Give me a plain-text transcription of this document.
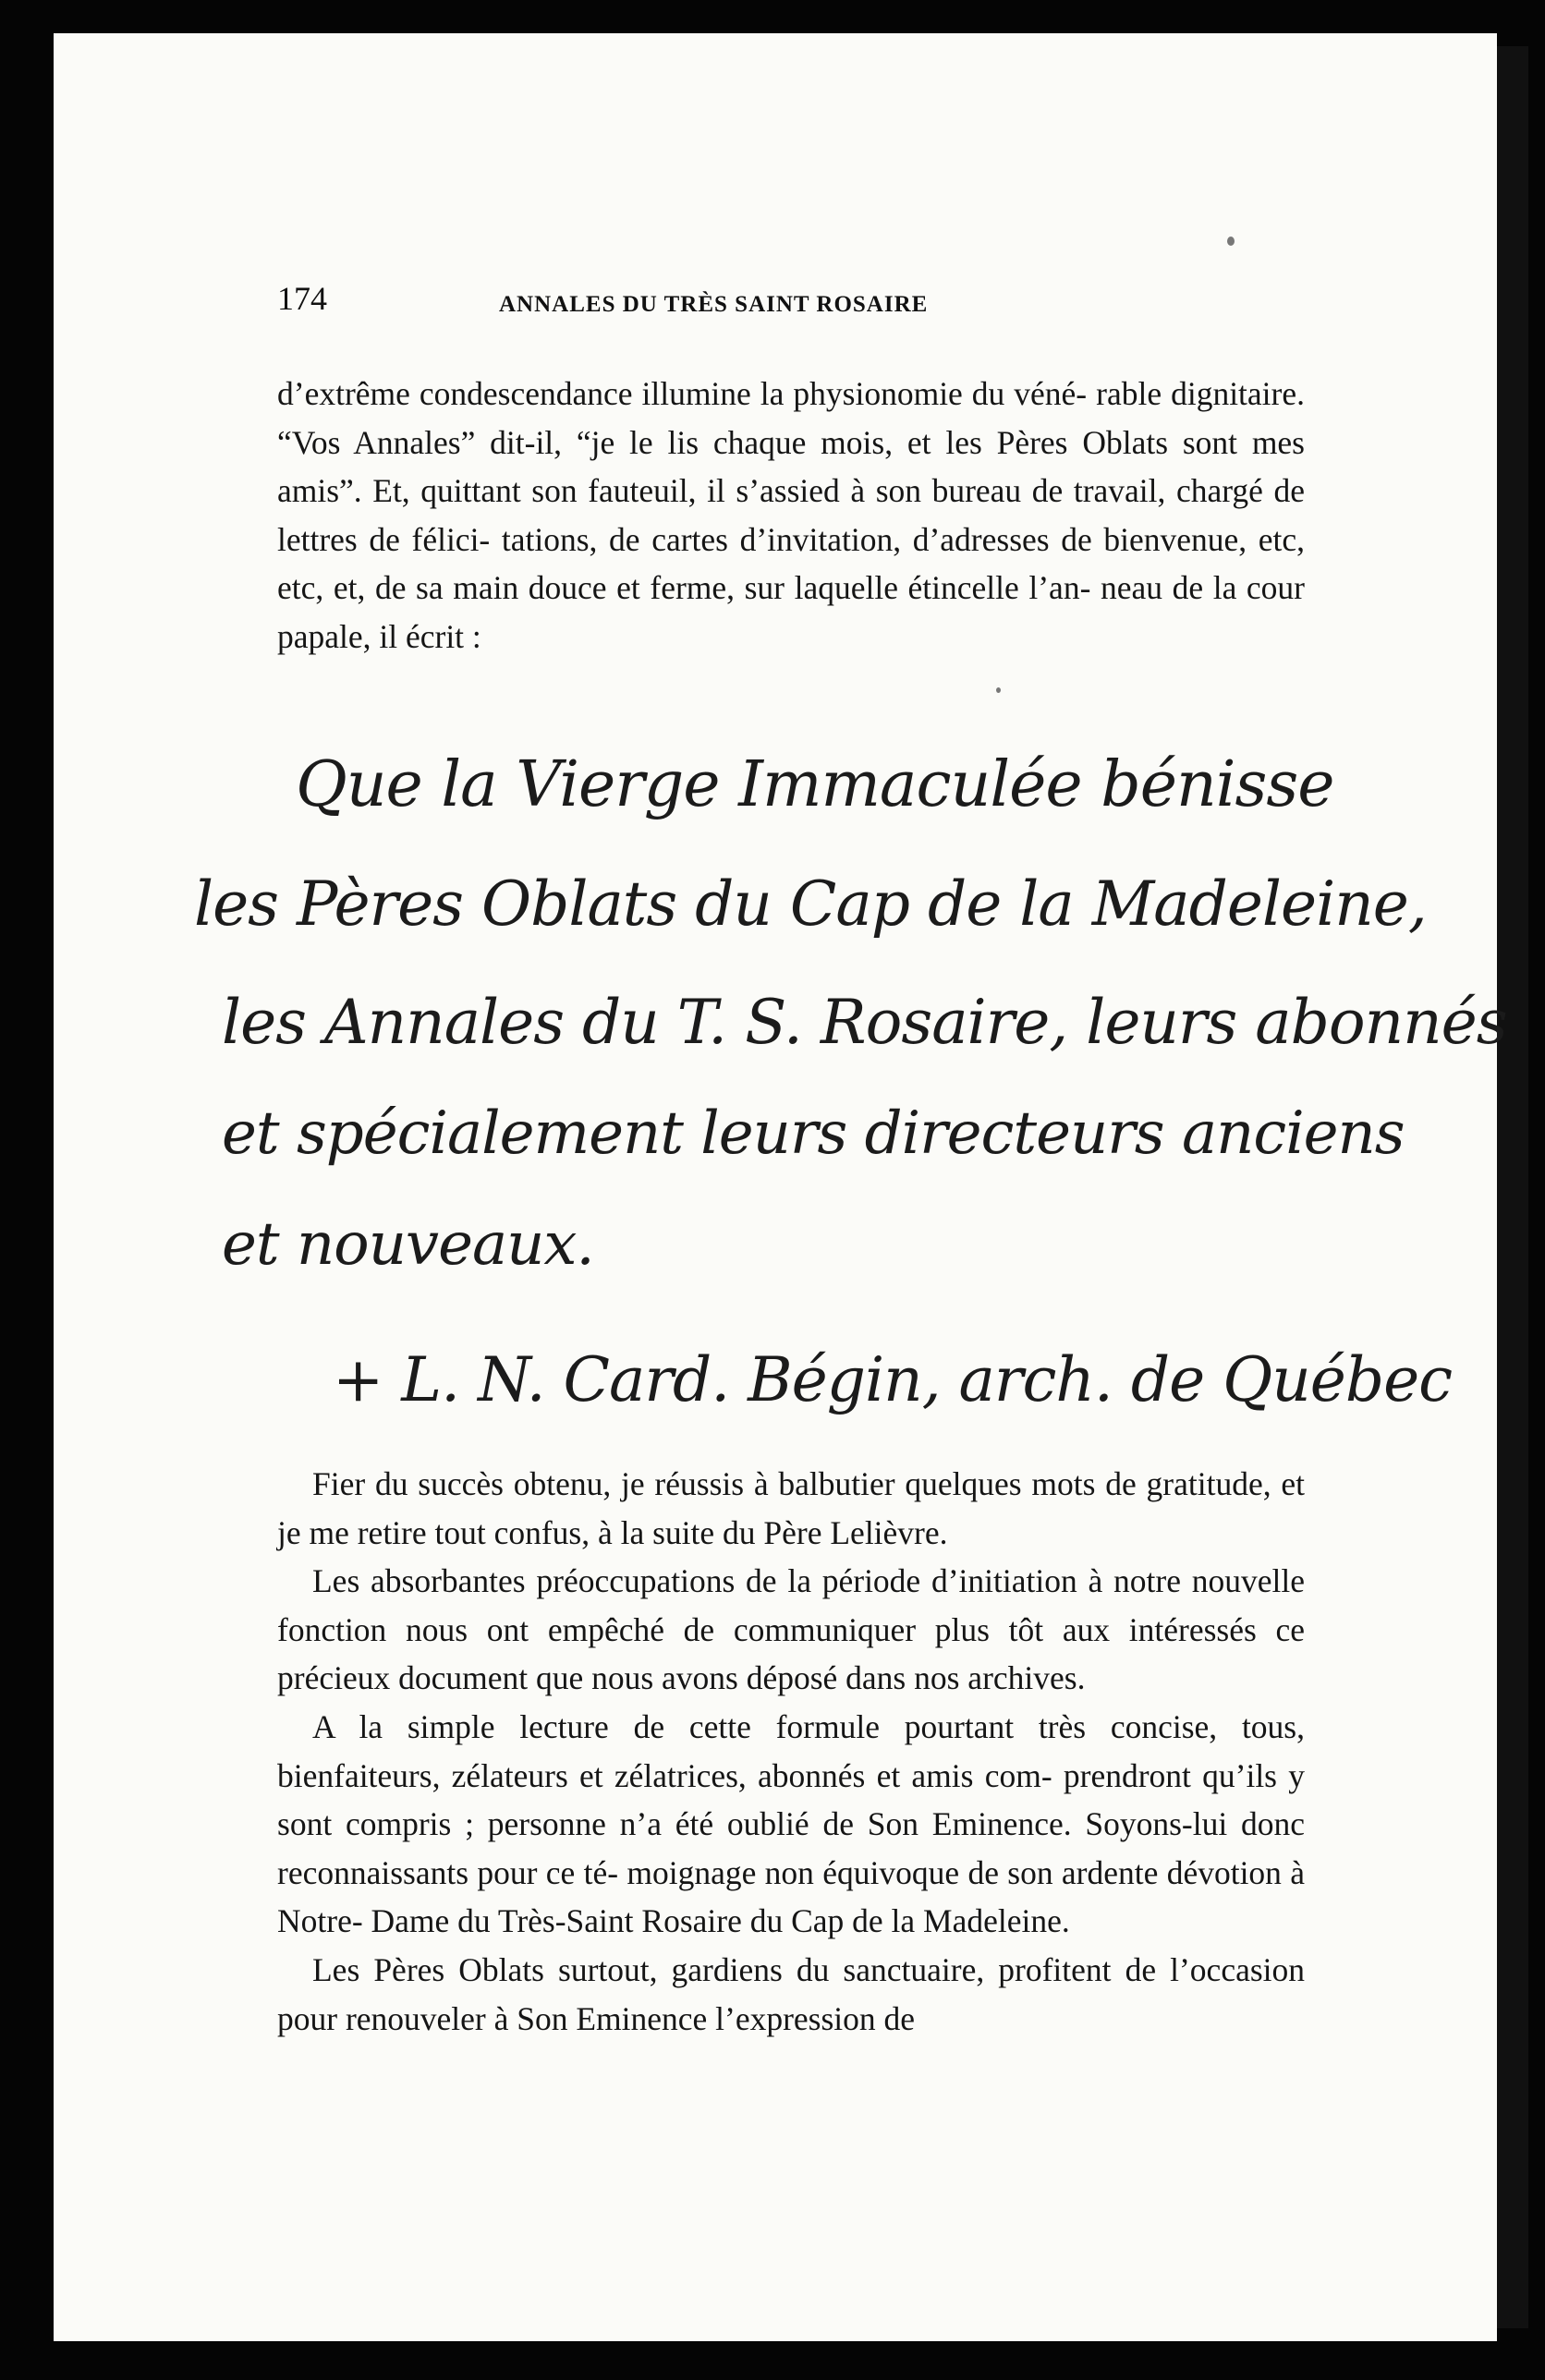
174	ANNALES DU TRÈS SAINT ROSAIRE

d’extrême condescendance illumine la physionomie du véné- rable dignitaire. “Vos Annales” dit-il, “je le lis chaque mois, et les Pères Oblats sont mes amis”. Et, quittant son fauteuil, il s’assied à son bureau de travail, chargé de lettres de félici- tations, de cartes d’invitation, d’adresses de bienvenue, etc, etc, et, de sa main douce et ferme, sur laquelle étincelle l’an- neau de la cour papale, il écrit :

Que la Vierge Immaculée bénisse
les Pères Oblats du Cap de la Madeleine,
les Annales du T. S. Rosaire, leurs abonnés
et spécialement leurs directeurs anciens
et nouveaux.
+ L. N. Card. Bégin, arch. de Québec

Fier du succès obtenu, je réussis à balbutier quelques mots de gratitude, et je me retire tout confus, à la suite du Père Lelièvre.

Les absorbantes préoccupations de la période d’initiation à notre nouvelle fonction nous ont empêché de communiquer plus tôt aux intéressés ce précieux document que nous avons déposé dans nos archives.

A la simple lecture de cette formule pourtant très concise, tous, bienfaiteurs, zélateurs et zélatrices, abonnés et amis com- prendront qu’ils y sont compris ; personne n’a été oublié de Son Eminence. Soyons-lui donc reconnaissants pour ce té- moignage non équivoque de son ardente dévotion à Notre- Dame du Très-Saint Rosaire du Cap de la Madeleine.

Les Pères Oblats surtout, gardiens du sanctuaire, profitent de l’occasion pour renouveler à Son Eminence l’expression de
